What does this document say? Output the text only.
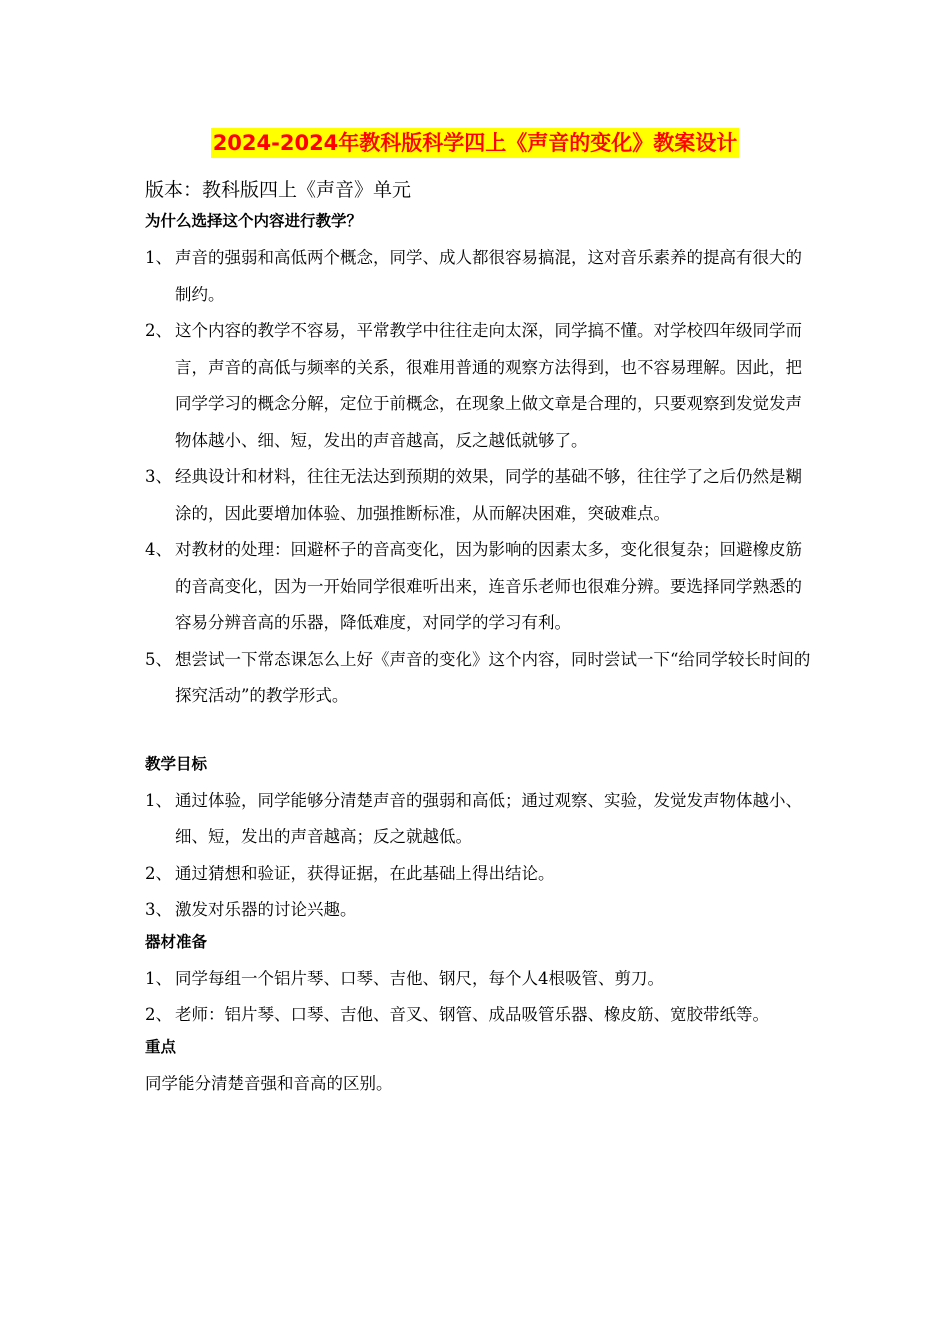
2024-2024年教科版科学四上《声音的变化》教案设计
版本：教科版四上《声音》单元
为什么选择这个内容进行教学？
1、 声音的强弱和高低两个概念，同学、成人都很容易搞混，这对音乐素养的提高有很大的制约。
2、 这个内容的教学不容易，平常教学中往往走向太深，同学搞不懂。对学校四年级同学而言，声音的高低与频率的关系，很难用普通的观察方法得到，也不容易理解。因此，把同学学习的概念分解，定位于前概念，在现象上做文章是合理的，只要观察到发觉发声物体越小、细、短，发出的声音越高，反之越低就够了。
3、 经典设计和材料，往往无法达到预期的效果，同学的基础不够，往往学了之后仍然是糊涂的，因此要增加体验、加强推断标准，从而解决困难，突破难点。
4、 对教材的处理：回避杯子的音高变化，因为影响的因素太多，变化很复杂；回避橡皮筋的音高变化，因为一开始同学很难听出来，连音乐老师也很难分辨。要选择同学熟悉的容易分辨音高的乐器，降低难度，对同学的学习有利。
5、 想尝试一下常态课怎么上好《声音的变化》这个内容，同时尝试一下“给同学较长时间的探究活动”的教学形式。
教学目标
1、 通过体验，同学能够分清楚声音的强弱和高低；通过观察、实验，发觉发声物体越小、细、短，发出的声音越高；反之就越低。
2、 通过猜想和验证，获得证据，在此基础上得出结论。
3、 激发对乐器的讨论兴趣。
器材准备
1、 同学每组一个铝片琴、口琴、吉他、钢尺，每个人4根吸管、剪刀。
2、 老师：铝片琴、口琴、吉他、音叉、钢管、成品吸管乐器、橡皮筋、宽胶带纸等。
重点
同学能分清楚音强和音高的区别。
